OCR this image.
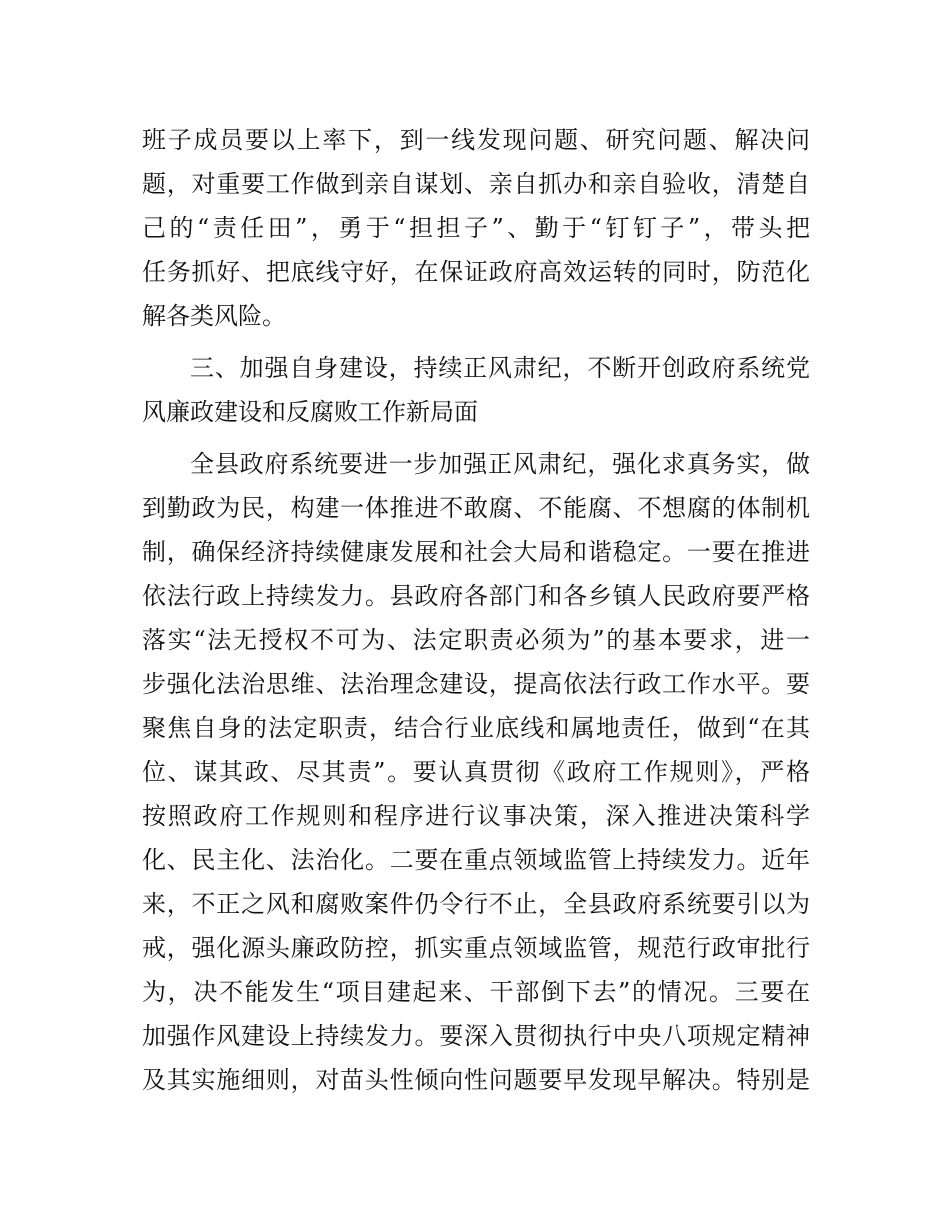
班子成员要以上率下，到一线发现问题、研究问题、解决问
题，对重要工作做到亲自谋划、亲自抓办和亲自验收，清楚自
己的“责任田”，勇于“担担子”、勤于“钉钉子”，带头把
任务抓好、把底线守好，在保证政府高效运转的同时，防范化
解各类风险。
三、加强自身建设，持续正风肃纪，不断开创政府系统党
风廉政建设和反腐败工作新局面
全县政府系统要进一步加强正风肃纪，强化求真务实，做
到勤政为民，构建一体推进不敢腐、不能腐、不想腐的体制机
制，确保经济持续健康发展和社会大局和谐稳定。一要在推进
依法行政上持续发力。县政府各部门和各乡镇人民政府要严格
落实“法无授权不可为、法定职责必须为”的基本要求，进一
步强化法治思维、法治理念建设，提高依法行政工作水平。要
聚焦自身的法定职责，结合行业底线和属地责任，做到“在其
位、谋其政、尽其责”。要认真贯彻《政府工作规则》，严格
按照政府工作规则和程序进行议事决策，深入推进决策科学
化、民主化、法治化。二要在重点领域监管上持续发力。近年
来，不正之风和腐败案件仍令行不止，全县政府系统要引以为
戒，强化源头廉政防控，抓实重点领域监管，规范行政审批行
为，决不能发生“项目建起来、干部倒下去”的情况。三要在
加强作风建设上持续发力。要深入贯彻执行中央八项规定精神
及其实施细则，对苗头性倾向性问题要早发现早解决。特别是
